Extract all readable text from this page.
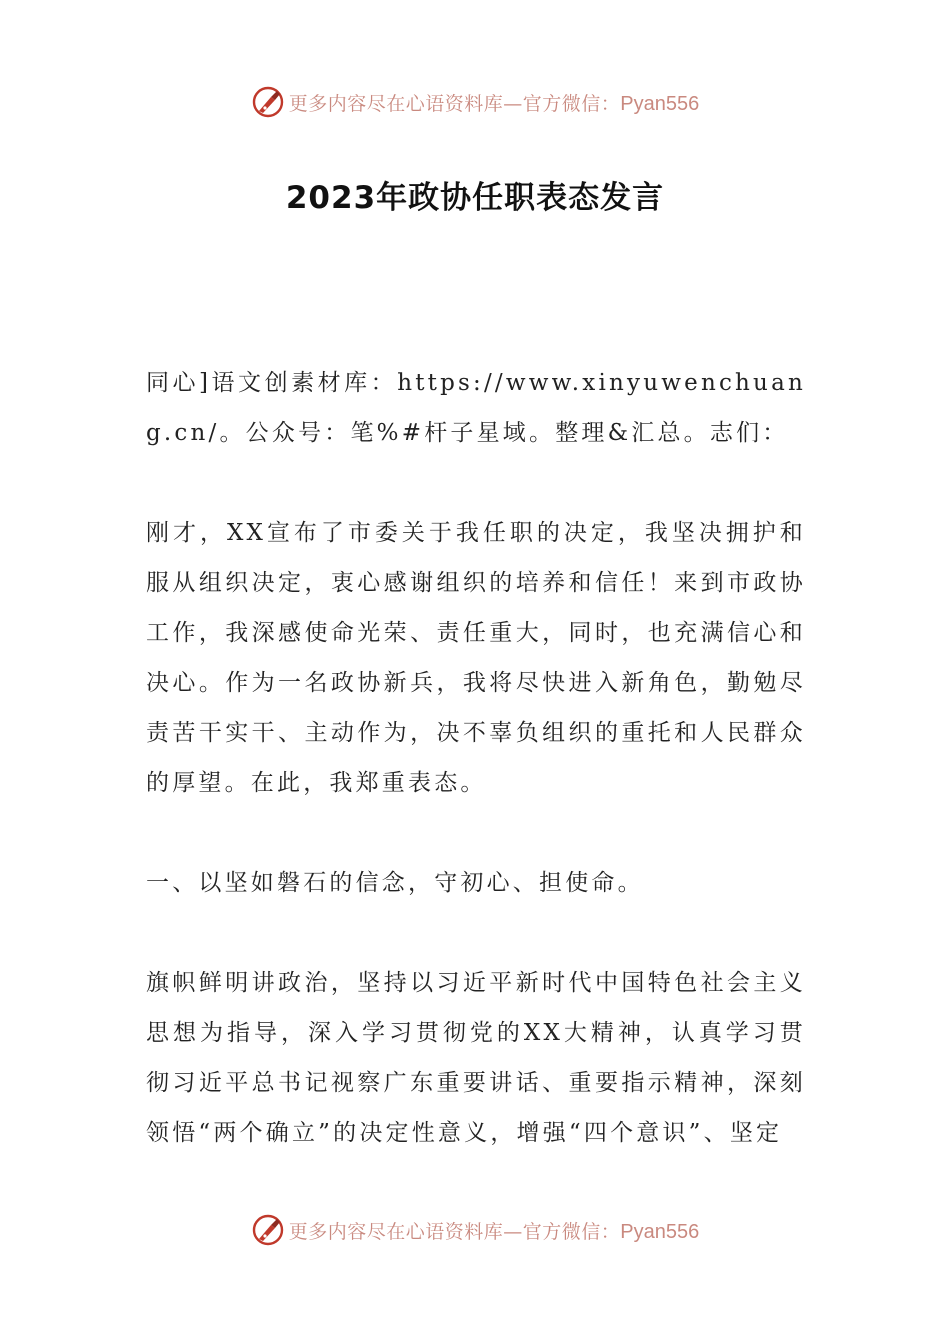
更多内容尽在心语资料库—官方微信：Pyan556
2023年政协任职表态发言

同心]语文创素材库：https://www.xinyuwenchuang.cn/。公众号：笔%#杆子星域。整理&汇总。志们：

刚才，XX宣布了市委关于我任职的决定，我坚决拥护和服从组织决定，衷心感谢组织的培养和信任！来到市政协工作，我深感使命光荣、责任重大，同时，也充满信心和决心。作为一名政协新兵，我将尽快进入新角色，勤勉尽责苦干实干、主动作为，决不辜负组织的重托和人民群众的厚望。在此，我郑重表态。

一、以坚如磐石的信念，守初心、担使命。

旗帜鲜明讲政治，坚持以习近平新时代中国特色社会主义思想为指导，深入学习贯彻党的XX大精神，认真学习贯彻习近平总书记视察广东重要讲话、重要指示精神，深刻领悟“两个确立”的决定性意义，增强“四个意识”、坚定

更多内容尽在心语资料库—官方微信：Pyan556
